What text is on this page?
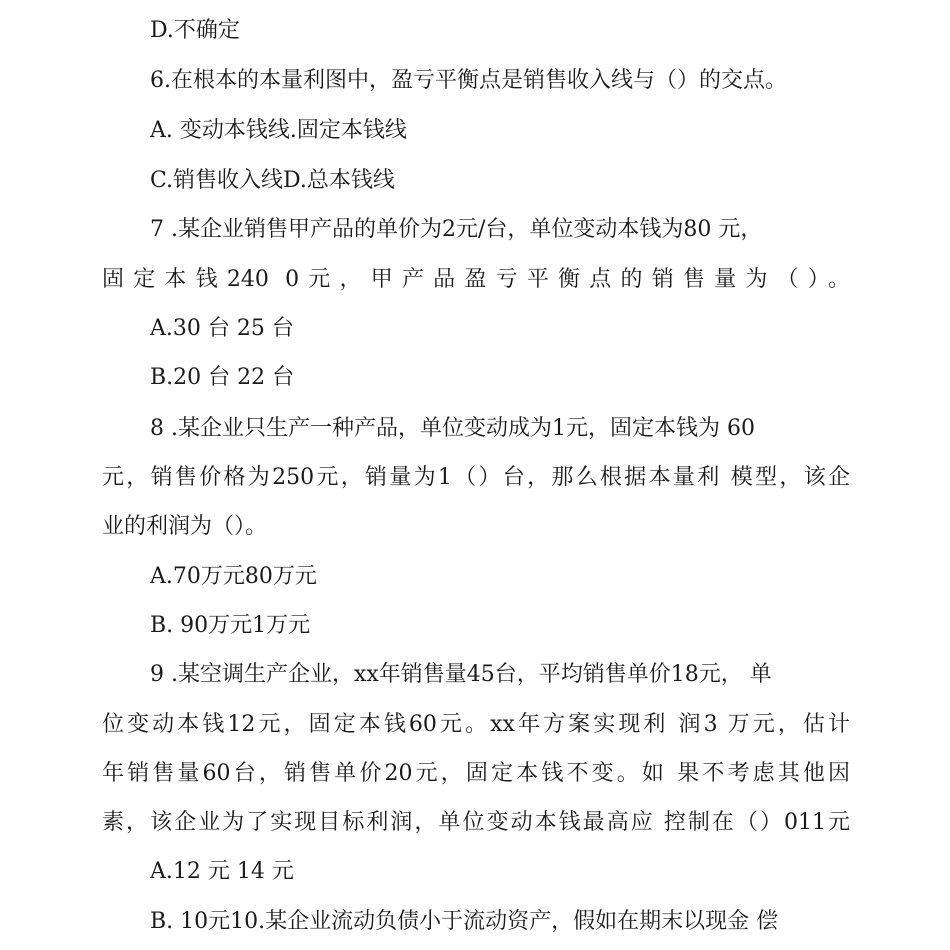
D.不确定
6.在根本的本量利图中，盈亏平衡点是销售收入线与（）的交点。
A. 变动本钱线.固定本钱线
C.销售收入线D.总本钱线
7 .某企业销售甲产品的单价为2元/台，单位变动本钱为80 元，
固定本钱240 0元，甲产品盈亏平衡点的销售量为（）。
A.30 台 25 台
B.20 台 22 台
8 .某企业只生产一种产品，单位变动成为1元，固定本钱为 60
元，销售价格为250元，销量为1（）台，那么根据本量利 模型，该企
业的利润为（）。
A.70万元80万元
B. 90万元1万元
9 .某空调生产企业，xx年销售量45台，平均销售单价18元， 单
位变动本钱12元，固定本钱60元。xx年方案实现利 润3 万元，估计
年销售量60台，销售单价20元，固定本钱不变。如 果不考虑其他因
素，该企业为了实现目标利润，单位变动本钱最高应 控制在（）011元
A.12 元 14 元
B. 10元10.某企业流动负债小于流动资产，假如在期末以现金 偿
